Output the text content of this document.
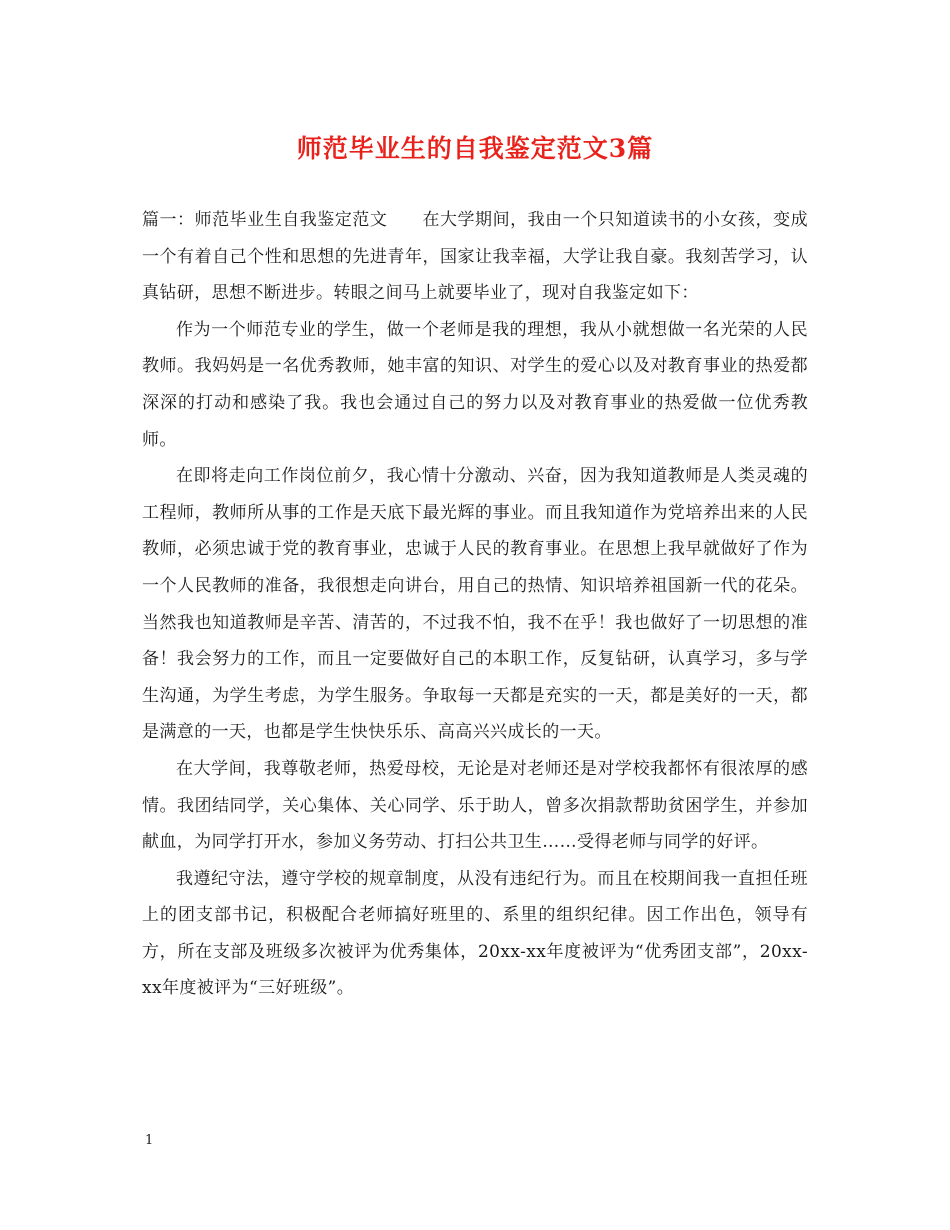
师范毕业生的自我鉴定范文3篇

篇一：师范毕业生自我鉴定范文　　在大学期间，我由一个只知道读书的小女孩，变成一个有着自己个性和思想的先进青年，国家让我幸福，大学让我自豪。我刻苦学习，认真钻研，思想不断进步。转眼之间马上就要毕业了，现对自我鉴定如下：

作为一个师范专业的学生，做一个老师是我的理想，我从小就想做一名光荣的人民教师。我妈妈是一名优秀教师，她丰富的知识、对学生的爱心以及对教育事业的热爱都深深的打动和感染了我。我也会通过自己的努力以及对教育事业的热爱做一位优秀教师。

在即将走向工作岗位前夕，我心情十分激动、兴奋，因为我知道教师是人类灵魂的工程师，教师所从事的工作是天底下最光辉的事业。而且我知道作为党培养出来的人民教师，必须忠诚于党的教育事业，忠诚于人民的教育事业。在思想上我早就做好了作为一个人民教师的准备，我很想走向讲台，用自己的热情、知识培养祖国新一代的花朵。当然我也知道教师是辛苦、清苦的，不过我不怕，我不在乎！我也做好了一切思想的准备！我会努力的工作，而且一定要做好自己的本职工作，反复钻研，认真学习，多与学生沟通，为学生考虑，为学生服务。争取每一天都是充实的一天，都是美好的一天，都是满意的一天，也都是学生快快乐乐、高高兴兴成长的一天。

在大学间，我尊敬老师，热爱母校，无论是对老师还是对学校我都怀有很浓厚的感情。我团结同学，关心集体、关心同学、乐于助人，曾多次捐款帮助贫困学生，并参加献血，为同学打开水，参加义务劳动、打扫公共卫生……受得老师与同学的好评。

我遵纪守法，遵守学校的规章制度，从没有违纪行为。而且在校期间我一直担任班上的团支部书记，积极配合老师搞好班里的、系里的组织纪律。因工作出色，领导有方，所在支部及班级多次被评为优秀集体，20xx-xx年度被评为“优秀团支部”，20xx-xx年度被评为“三好班级”。

1
